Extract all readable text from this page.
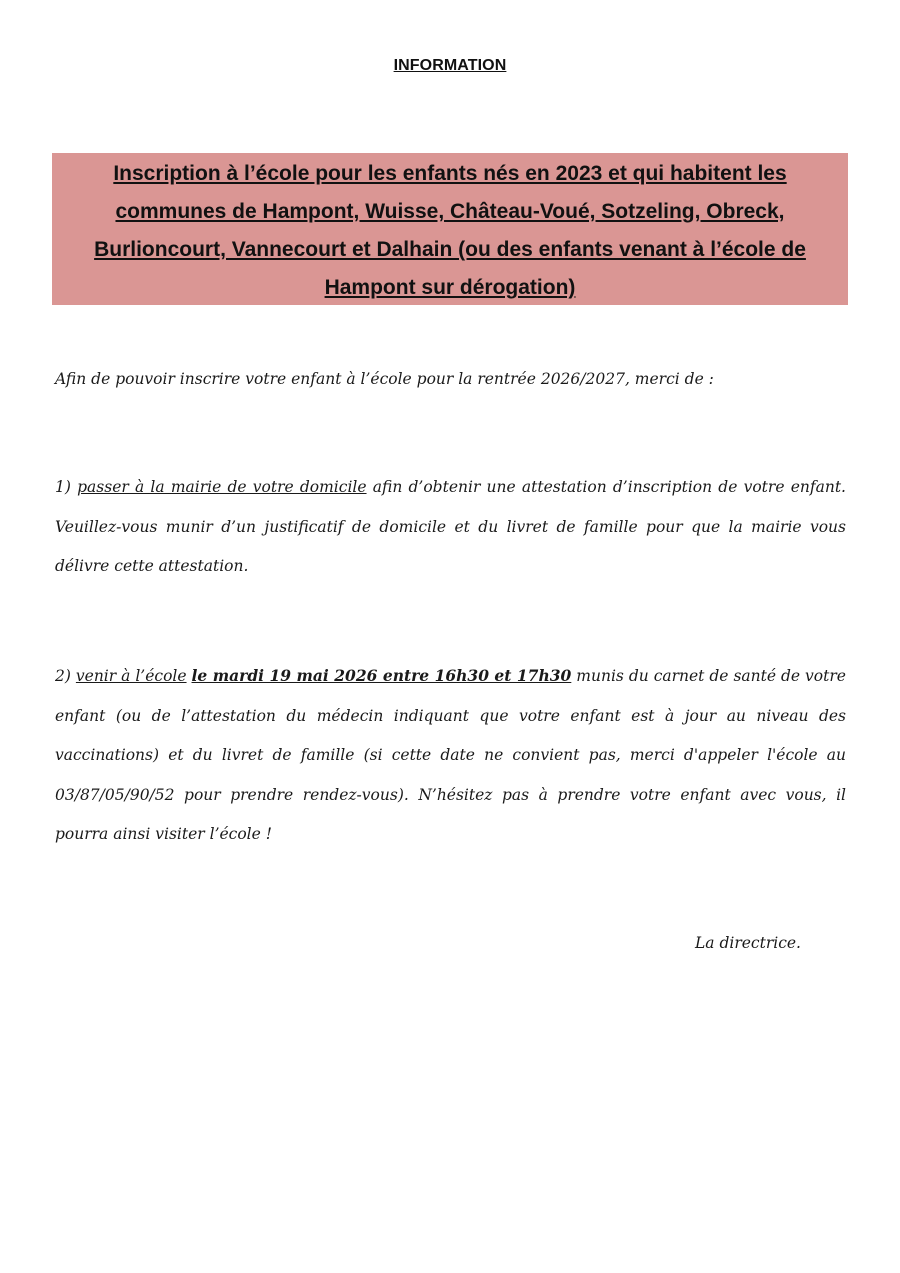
INFORMATION
Inscription à l’école pour les enfants nés en 2023 et qui habitent les communes de Hampont, Wuisse, Château-Voué, Sotzeling, Obreck, Burlioncourt, Vannecourt et Dalhain (ou des enfants venant à l’école de Hampont sur dérogation)
Afin de pouvoir inscrire votre enfant à l’école pour la rentrée 2026/2027, merci de :
1) passer à la mairie de votre domicile afin d’obtenir une attestation d’inscription de votre enfant. Veuillez-vous munir d’un justificatif de domicile et du livret de famille pour que la mairie vous délivre cette attestation.
2) venir à l’école le mardi 19 mai 2026 entre 16h30 et 17h30 munis du carnet de santé de votre enfant (ou de l’attestation du médecin indiquant que votre enfant est à jour au niveau des vaccinations) et du livret de famille (si cette date ne convient pas, merci d'appeler l'école au 03/87/05/90/52 pour prendre rendez-vous). N’hésitez pas à prendre votre enfant avec vous, il pourra ainsi visiter l’école !
La directrice.
